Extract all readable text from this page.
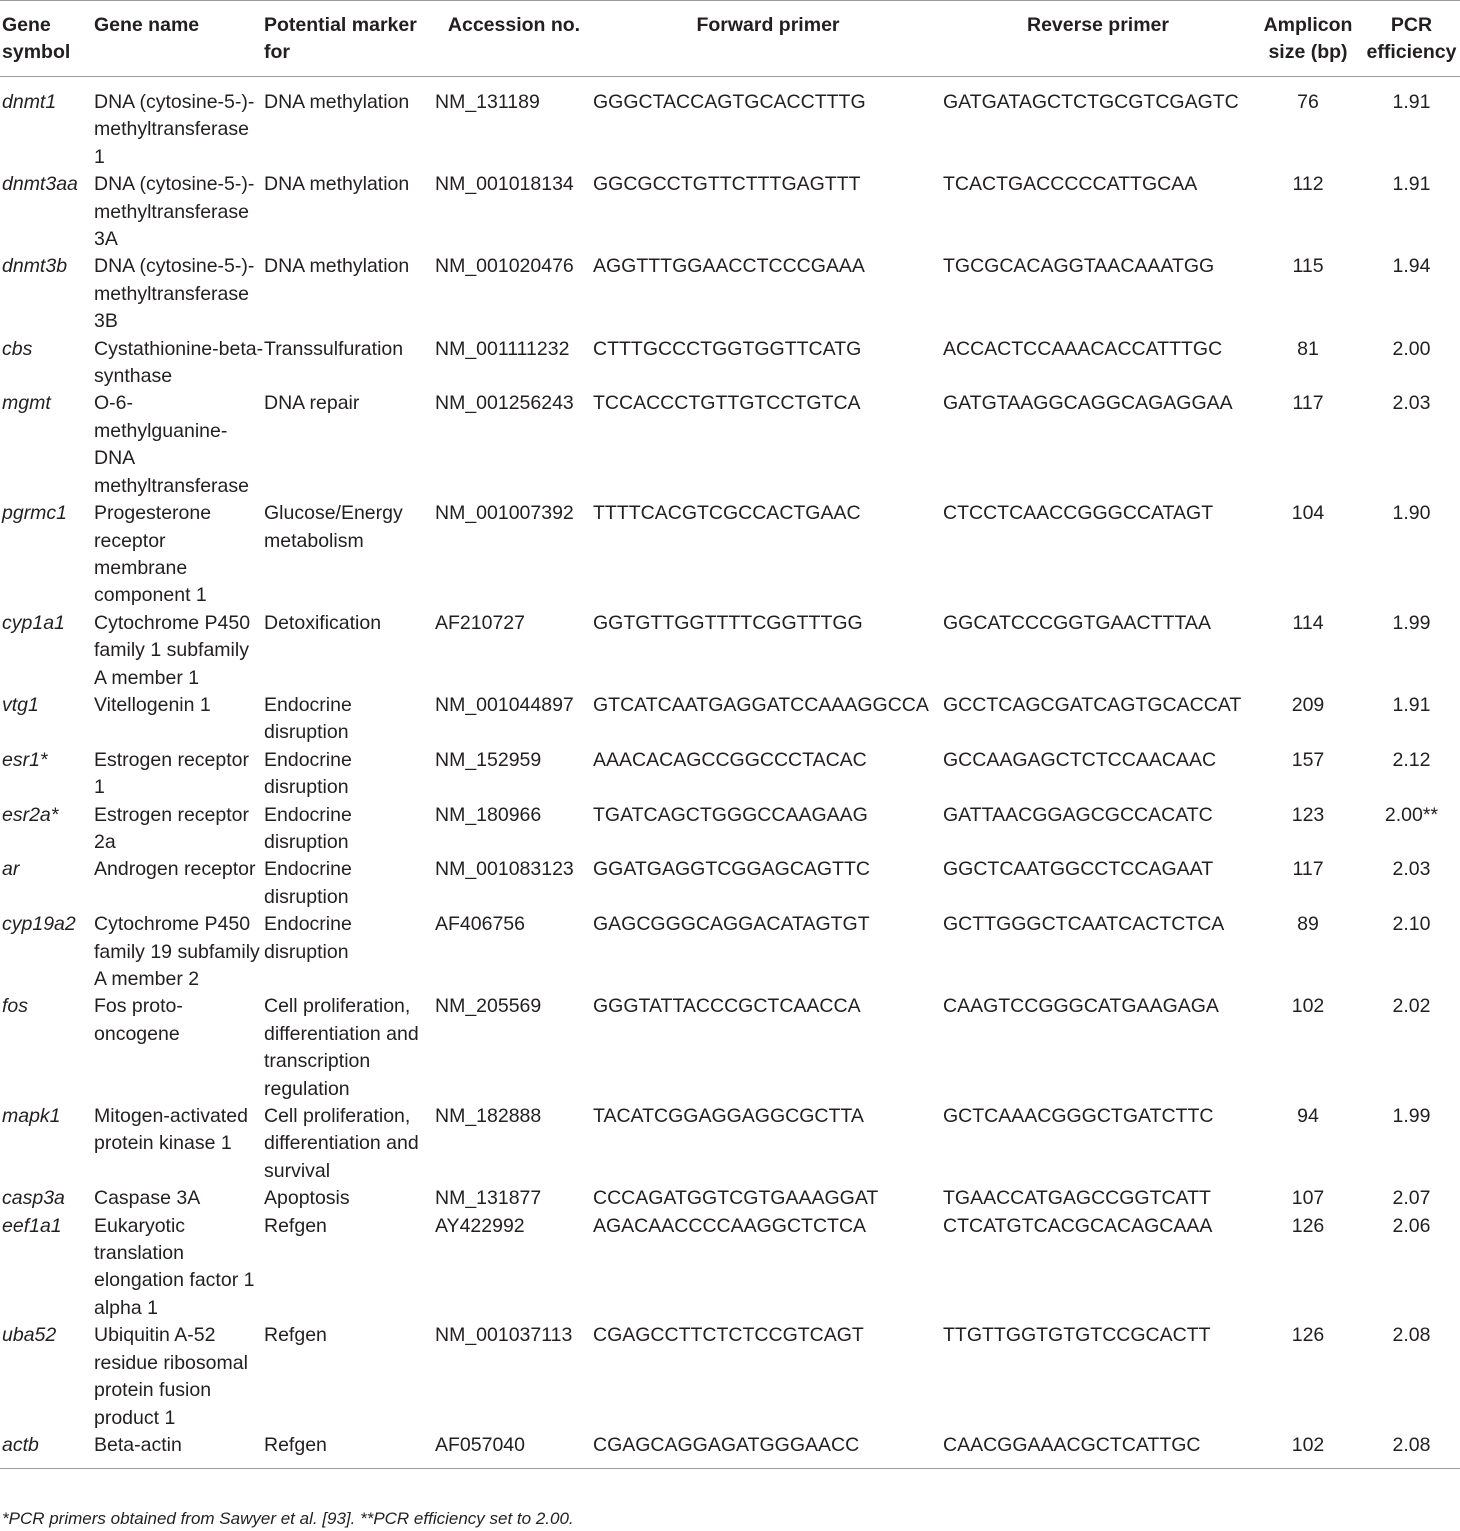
Gene symbol	Gene name	Potential marker for	Accession no.	Forward primer	Reverse primer	Amplicon size (bp)	PCR efficiency
dnmt1	DNA (cytosine-5-)-methyltransferase 1	DNA methylation	NM_131189	GGGCTACCAGTGCACCTTTG	GATGATAGCTCTGCGTCGAGTC	76	1.91
dnmt3aa	DNA (cytosine-5-)-methyltransferase 3A	DNA methylation	NM_001018134	GGCGCCTGTTCTTTGAGTTT	TCACTGACCCCCATTGCAA	112	1.91
dnmt3b	DNA (cytosine-5-)-methyltransferase 3B	DNA methylation	NM_001020476	AGGTTTGGAACCTCCCGAAA	TGCGCACAGGTAACAAATGG	115	1.94
cbs	Cystathionine-beta-synthase	Transsulfuration	NM_001111232	CTTTGCCCTGGTGGTTCATG	ACCACTCCAAACACCATTTGC	81	2.00
mgmt	O-6-methylguanine-DNA methyltransferase	DNA repair	NM_001256243	TCCACCCTGTTGTCCTGTCA	GATGTAAGGCAGGCAGAGGAA	117	2.03
pgrmc1	Progesterone receptor membrane component 1	Glucose/Energy metabolism	NM_001007392	TTTTCACGTCGCCACTGAAC	CTCCTCAACCGGGCCATAGT	104	1.90
cyp1a1	Cytochrome P450 family 1 subfamily A member 1	Detoxification	AF210727	GGTGTTGGTTTTCGGTTTGG	GGCATCCCGGTGAACTTTAA	114	1.99
vtg1	Vitellogenin 1	Endocrine disruption	NM_001044897	GTCATCAATGAGGATCCAAAGGCCA	GCCTCAGCGATCAGTGCACCAT	209	1.91
esr1*	Estrogen receptor 1	Endocrine disruption	NM_152959	AAACACAGCCGGCCCTACAC	GCCAAGAGCTCTCCAACAAC	157	2.12
esr2a*	Estrogen receptor 2a	Endocrine disruption	NM_180966	TGATCAGCTGGGCCAAGAAG	GATTAACGGAGCGCCACATC	123	2.00**
ar	Androgen receptor	Endocrine disruption	NM_001083123	GGATGAGGTCGGAGCAGTTC	GGCTCAATGGCCTCCAGAAT	117	2.03
cyp19a2	Cytochrome P450 family 19 subfamily A member 2	Endocrine disruption	AF406756	GAGCGGGCAGGACATAGTGT	GCTTGGGCTCAATCACTCTCA	89	2.10
fos	Fos proto-oncogene	Cell proliferation, differentiation and transcription regulation	NM_205569	GGGTATTACCCGCTCAACCA	CAAGTCCGGGCATGAAGAGA	102	2.02
mapk1	Mitogen-activated protein kinase 1	Cell proliferation, differentiation and survival	NM_182888	TACATCGGAGGAGGCGCTTA	GCTCAAACGGGCTGATCTTC	94	1.99
casp3a	Caspase 3A	Apoptosis	NM_131877	CCCAGATGGTCGTGAAAGGAT	TGAACCATGAGCCGGTCATT	107	2.07
eef1a1	Eukaryotic translation elongation factor 1 alpha 1	Refgen	AY422992	AGACAACCCCAAGGCTCTCA	CTCATGTCACGCACAGCAAA	126	2.06
uba52	Ubiquitin A-52 residue ribosomal protein fusion product 1	Refgen	NM_001037113	CGAGCCTTCTCTCCGTCAGT	TTGTTGGTGTGTCCGCACTT	126	2.08
actb	Beta-actin	Refgen	AF057040	CGAGCAGGAGATGGGAACC	CAACGGAAACGCTCATTGC	102	2.08
*PCR primers obtained from Sawyer et al. [93]. **PCR efficiency set to 2.00.
